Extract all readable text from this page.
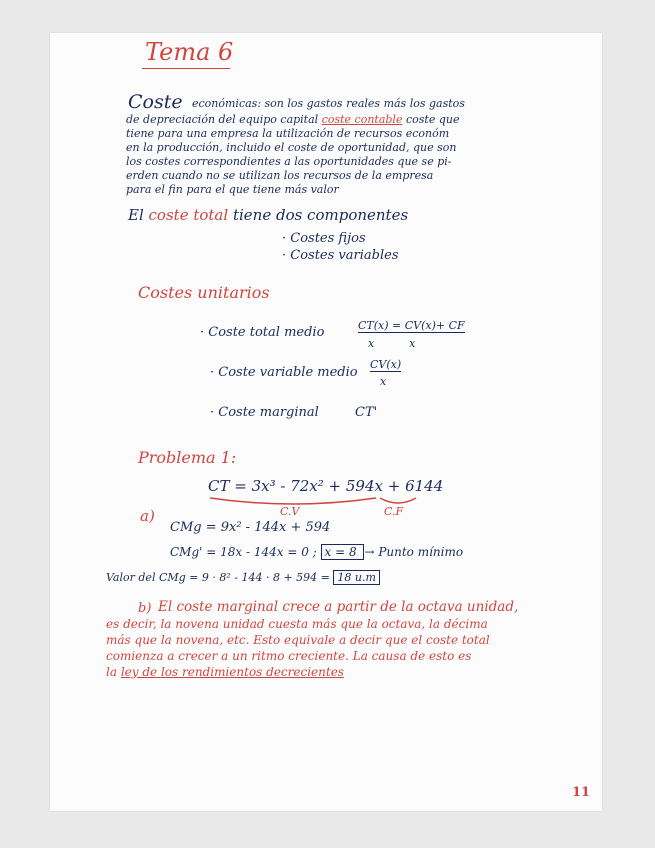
Tema 6
Coste económicas: son los gastos reales más los gastos
de depreciación del equipo capital coste contable coste que
tiene para una empresa la utilización de recursos económ
en la producción, incluido el coste de oportunidad, que son
los costes correspondientes a las oportunidades que se pi-
erden cuando no se utilizan los recursos de la empresa
para el fin para el que tiene más valor
El coste total tiene dos componentes
· Costes fijos
· Costes variables
Costes unitarios
· Coste total medio	CT(x) = CV(x)+ CF
x          x
· Coste variable medio
CV(x)
x
· Coste marginal	CT'
Problema 1:
CT = 3x³ - 72x² + 594x + 6144
C.V	C.F
a)
CMg = 9x² - 144x + 594
CMg' = 18x - 144x = 0 ; x = 8 → Punto mínimo
Valor del CMg = 9 · 8² - 144 · 8 + 594 = 18 u.m
b) El coste marginal crece a partir de la octava unidad,
es decir, la novena unidad cuesta más que la octava, la décima
más que la novena, etc. Esto equivale a decir que el coste total
comienza a crecer a un ritmo creciente. La causa de esto es
la ley de los rendimientos decrecientes
11
